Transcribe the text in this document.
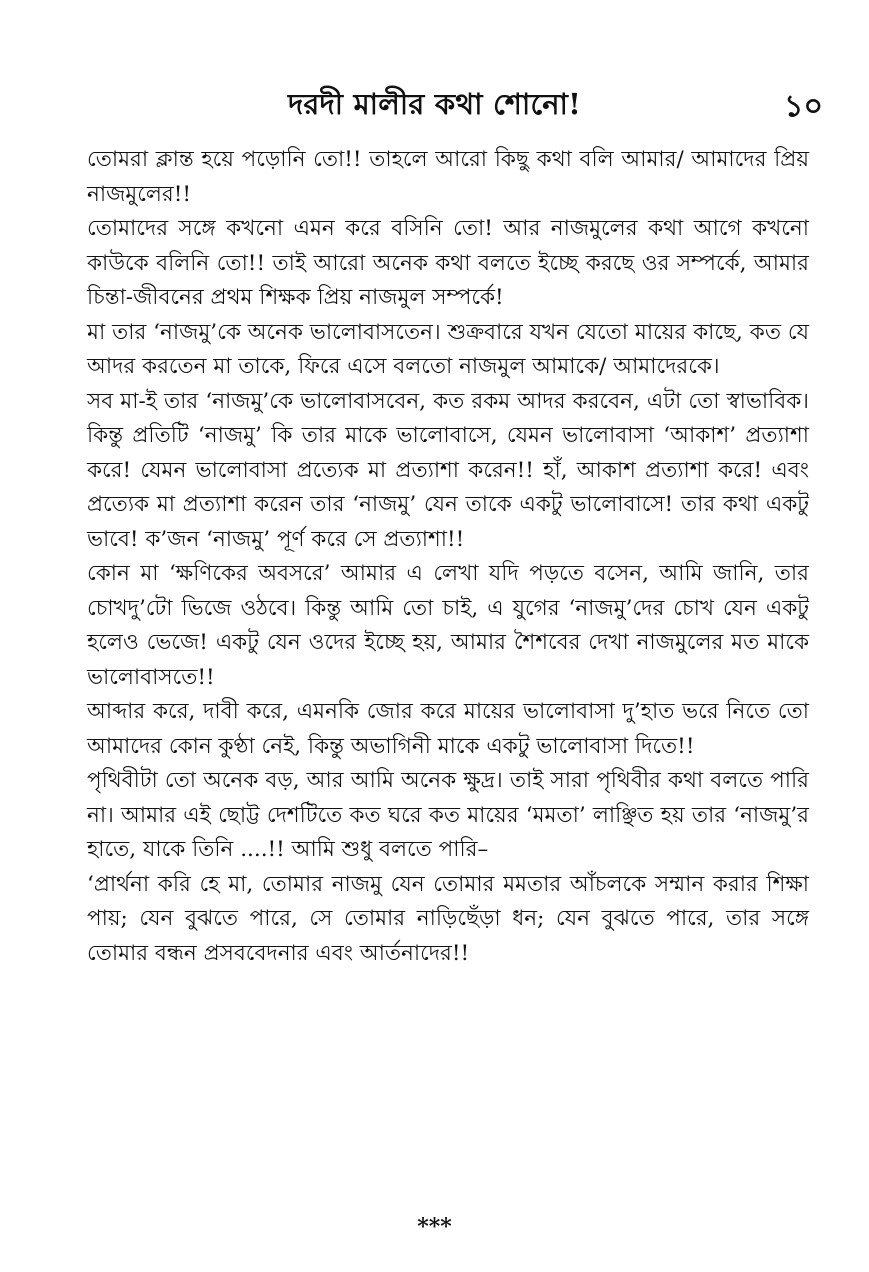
দরদী মালীর কথা শোনো!	১০

তোমরা ক্লান্ত হয়ে পড়োনি তো!! তাহলে আরো কিছু কথা বলি আমার/ আমাদের প্রিয় নাজমুলের!!

তোমাদের সঙ্গে কখনো এমন করে বসিনি তো! আর নাজমুলের কথা আগে কখনো কাউকে বলিনি তো!! তাই আরো অনেক কথা বলতে ইচ্ছে করছে ওর সম্পর্কে, আমার চিন্তা-জীবনের প্রথম শিক্ষক প্রিয় নাজমুল সম্পর্কে!

মা তার ‘নাজমু’কে অনেক ভালোবাসতেন। শুক্রবারে যখন যেতো মায়ের কাছে, কত যে আদর করতেন মা তাকে, ফিরে এসে বলতো নাজমুল আমাকে/ আমাদেরকে।

সব মা-ই তার ‘নাজমু’কে ভালোবাসবেন, কত রকম আদর করবেন, এটা তো স্বাভাবিক। কিন্তু প্রতিটি ‘নাজমু’ কি তার মাকে ভালোবাসে, যেমন ভালোবাসা ‘আকাশ’ প্রত্যাশা করে! যেমন ভালোবাসা প্রত্যেক মা প্রত্যাশা করেন!! হাঁ, আকাশ প্রত্যাশা করে! এবং প্রত্যেক মা প্রত্যাশা করেন তার ‘নাজমু’ যেন তাকে একটু ভালোবাসে! তার কথা একটু ভাবে! ক’জন ‘নাজমু’ পূর্ণ করে সে প্রত্যাশা!!

কোন মা ‘ক্ষণিকের অবসরে’ আমার এ লেখা যদি পড়তে বসেন, আমি জানি, তার চোখদু’টো ভিজে ওঠবে। কিন্তু আমি তো চাই, এ যুগের ‘নাজমু’দের চোখ যেন একটু হলেও ভেজে! একটু যেন ওদের ইচ্ছে হয়, আমার শৈশবের দেখা নাজমুলের মত মাকে ভালোবাসতে!!

আব্দার করে, দাবী করে, এমনকি জোর করে মায়ের ভালোবাসা দু’হাত ভরে নিতে তো আমাদের কোন কুণ্ঠা নেই, কিন্তু অভাগিনী মাকে একটু ভালোবাসা দিতে!!

পৃথিবীটা তো অনেক বড়, আর আমি অনেক ক্ষুদ্র। তাই সারা পৃথিবীর কথা বলতে পারি না। আমার এই ছোট্ট দেশটিতে কত ঘরে কত মায়ের ‘মমতা’ লাঞ্ছিত হয় তার ‘নাজমু’র হাতে, যাকে তিনি ....!! আমি শুধু বলতে পারি–

‘প্রার্থনা করি হে মা, তোমার নাজমু যেন তোমার মমতার আঁচলকে সম্মান করার শিক্ষা পায়; যেন বুঝতে পারে, সে তোমার নাড়িছেঁড়া ধন; যেন বুঝতে পারে, তার সঙ্গে তোমার বন্ধন প্রসববেদনার এবং আর্তনাদের!!

***
